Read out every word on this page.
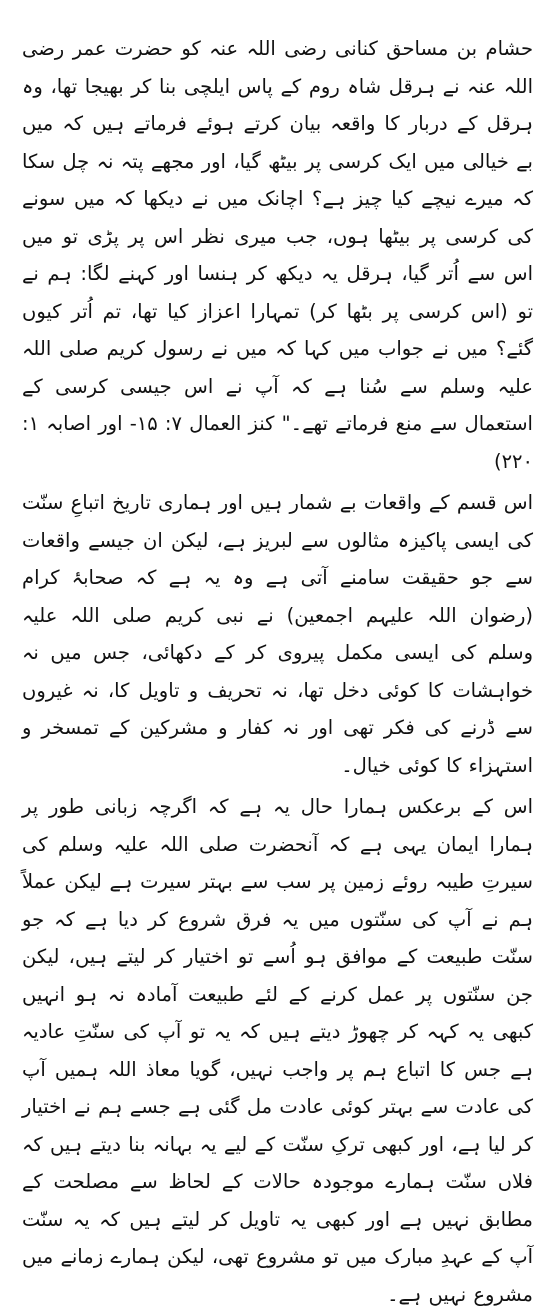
حشام بن مساحق کنانی رضی اللہ عنہ کو حضرت عمر رضی اللہ عنہ نے ہرقل شاہ روم کے پاس ایلچی بنا کر بھیجا تھا، وہ ہرقل کے دربار کا واقعہ بیان کرتے ہوئے فرماتے ہیں کہ میں بے خیالی میں ایک کرسی پر بیٹھ گیا، اور مجھے پتہ نہ چل سکا کہ میرے نیچے کیا چیز ہے؟ اچانک میں نے دیکھا کہ میں سونے کی کرسی پر بیٹھا ہوں، جب میری نظر اس پر پڑی تو میں اس سے اُتر گیا، ہرقل یہ دیکھ کر ہنسا اور کہنے لگا: ہم نے تو (اس کرسی پر بٹھا کر) تمہارا اعزاز کیا تھا، تم اُتر کیوں گئے؟ میں نے جواب میں کہا کہ میں نے رسول کریم صلی اللہ علیہ وسلم سے سُنا ہے کہ آپ نے اس جیسی کرسی کے استعمال سے منع فرماتے تھے۔" کنز العمال ۷: ۱۵- اور اصابہ ۱: ۲۲۰)

اس قسم کے واقعات بے شمار ہیں اور ہماری تاریخ اتباعِ سنّت کی ایسی پاکیزہ مثالوں سے لبریز ہے، لیکن ان جیسے واقعات سے جو حقیقت سامنے آتی ہے وہ یہ ہے کہ صحابۂ کرام (رضوان اللہ علیہم اجمعین) نے نبی کریم صلی اللہ علیہ وسلم کی ایسی مکمل پیروی کر کے دکھائی، جس میں نہ خواہشات کا کوئی دخل تھا، نہ تحریف و تاویل کا، نہ غیروں سے ڈرنے کی فکر تھی اور نہ کفار و مشرکین کے تمسخر و استہزاء کا کوئی خیال۔

اس کے برعکس ہمارا حال یہ ہے کہ اگرچہ زبانی طور پر ہمارا ایمان یہی ہے کہ آنحضرت صلی اللہ علیہ وسلم کی سیرتِ طیبہ روئے زمین پر سب سے بہتر سیرت ہے لیکن عملاً ہم نے آپ کی سنّتوں میں یہ فرق شروع کر دیا ہے کہ جو سنّت طبیعت کے موافق ہو اُسے تو اختیار کر لیتے ہیں، لیکن جن سنّتوں پر عمل کرنے کے لئے طبیعت آمادہ نہ ہو انہیں کبھی یہ کہہ کر چھوڑ دیتے ہیں کہ یہ تو آپ کی سنّتِ عادیہ ہے جس کا اتباع ہم پر واجب نہیں، گویا معاذ اللہ ہمیں آپ کی عادت سے بہتر کوئی عادت مل گئی ہے جسے ہم نے اختیار کر لیا ہے، اور کبھی ترکِ سنّت کے لیے یہ بہانہ بنا دیتے ہیں کہ فلاں سنّت ہمارے موجودہ حالات کے لحاظ سے مصلحت کے مطابق نہیں ہے اور کبھی یہ تاویل کر لیتے ہیں کہ یہ سنّت آپ کے عہدِ مبارک میں تو مشروع تھی، لیکن ہمارے زمانے میں مشروع نہیں ہے۔
